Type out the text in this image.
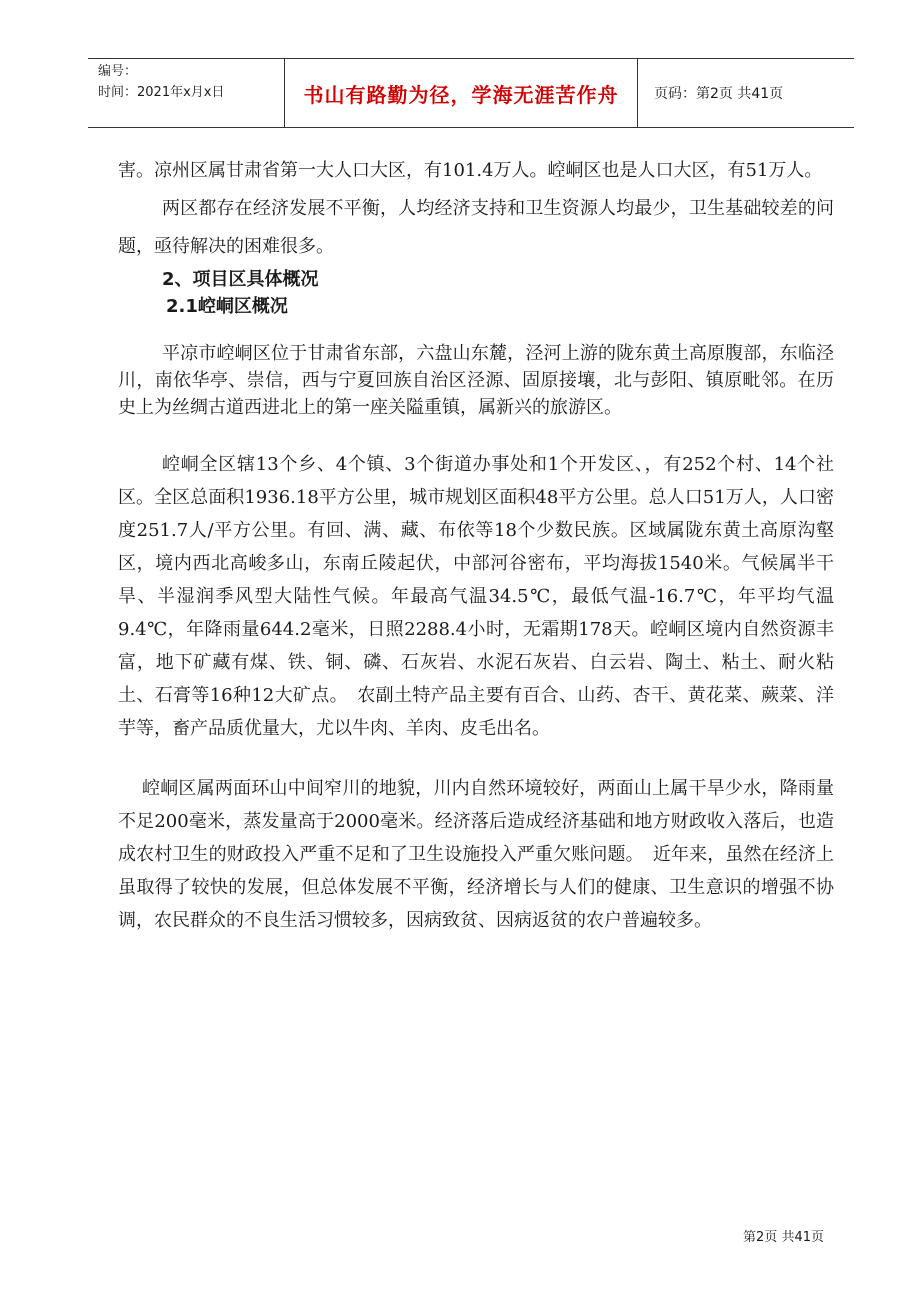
编号：
时间：2021年x月x日	书山有路勤为径，学海无涯苦作舟	页码：第2页 共41页

害。凉州区属甘肃省第一大人口大区，有101.4万人。崆峒区也是人口大区，有51万人。

两区都存在经济发展不平衡，人均经济支持和卫生资源人均最少，卫生基础较差的问题，亟待解决的困难很多。

2、项目区具体概况

2.1崆峒区概况

平凉市崆峒区位于甘肃省东部，六盘山东麓，泾河上游的陇东黄土高原腹部，东临泾川，南依华亭、崇信，西与宁夏回族自治区泾源、固原接壤，北与彭阳、镇原毗邻。在历史上为丝绸古道西进北上的第一座关隘重镇，属新兴的旅游区。

崆峒全区辖13个乡、4个镇、3个街道办事处和1个开发区、，有252个村、14个社区。全区总面积1936.18平方公里，城市规划区面积48平方公里。总人口51万人，人口密度251.7人/平方公里。有回、满、藏、布依等18个少数民族。区域属陇东黄土高原沟壑区，境内西北高峻多山，东南丘陵起伏，中部河谷密布，平均海拔1540米。气候属半干旱、半湿润季风型大陆性气候。年最高气温34.5℃，最低气温-16.7℃，年平均气温9.4℃，年降雨量644.2毫米，日照2288.4小时，无霜期178天。崆峒区境内自然资源丰富，地下矿藏有煤、铁、铜、磷、石灰岩、水泥石灰岩、白云岩、陶土、粘土、耐火粘土、石膏等16种12大矿点。　农副土特产品主要有百合、山药、杏干、黄花菜、蕨菜、洋芋等，畜产品质优量大，尤以牛肉、羊肉、皮毛出名。

崆峒区属两面环山中间窄川的地貌，川内自然环境较好，两面山上属干旱少水，降雨量不足200毫米，蒸发量高于2000毫米。经济落后造成经济基础和地方财政收入落后，也造成农村卫生的财政投入严重不足和了卫生设施投入严重欠账问题。　近年来，虽然在经济上虽取得了较快的发展，但总体发展不平衡，经济增长与人们的健康、卫生意识的增强不协调，农民群众的不良生活习惯较多，因病致贫、因病返贫的农户普遍较多。

第2页 共41页
